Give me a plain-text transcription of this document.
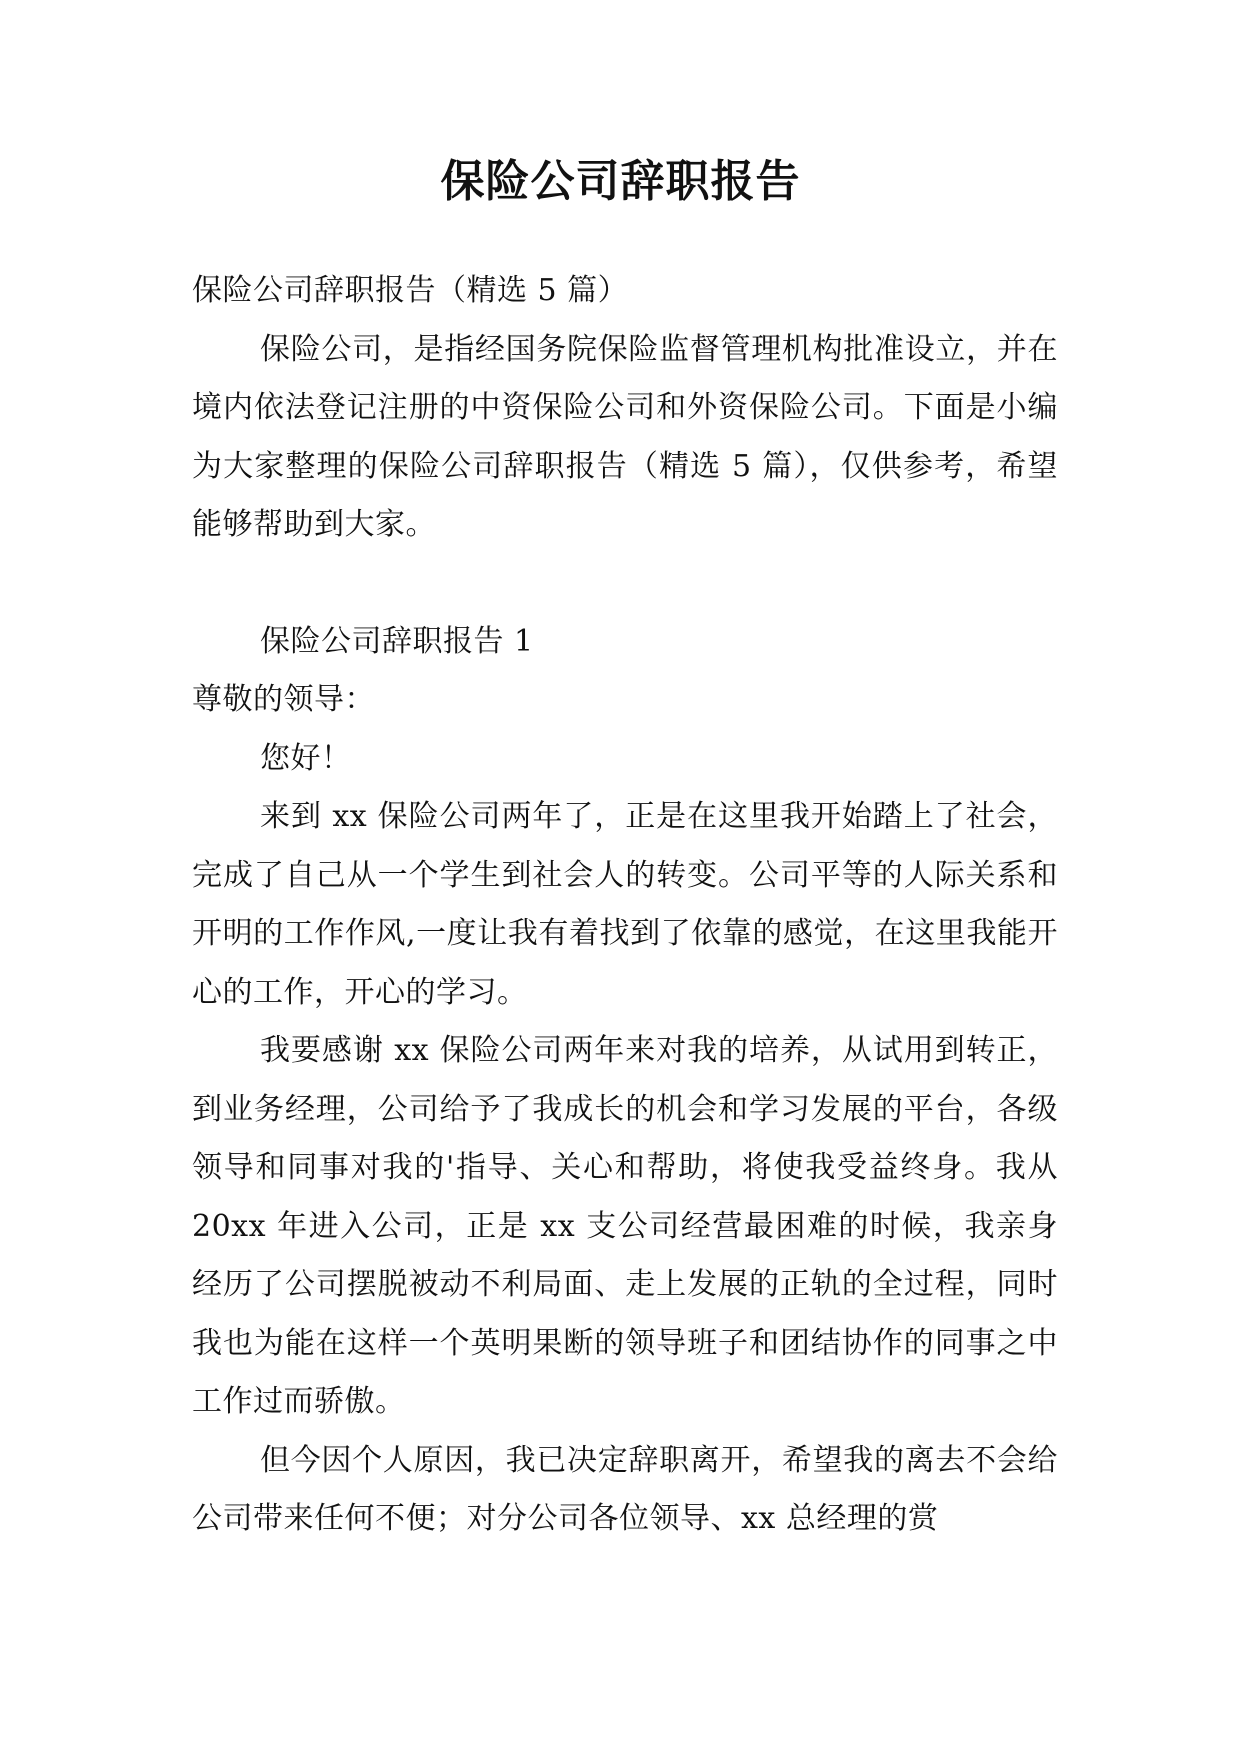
保险公司辞职报告

保险公司辞职报告（精选 5 篇）

保险公司，是指经国务院保险监督管理机构批准设立，并在境内依法登记注册的中资保险公司和外资保险公司。下面是小编为大家整理的保险公司辞职报告（精选 5 篇），仅供参考，希望能够帮助到大家。

保险公司辞职报告 1

尊敬的领导：

您好！

来到 xx 保险公司两年了，正是在这里我开始踏上了社会，完成了自己从一个学生到社会人的转变。公司平等的人际关系和开明的工作作风,一度让我有着找到了依靠的感觉，在这里我能开心的工作，开心的学习。

我要感谢 xx 保险公司两年来对我的培养，从试用到转正，到业务经理，公司给予了我成长的机会和学习发展的平台，各级领导和同事对我的'指导、关心和帮助，将使我受益终身。我从 20xx 年进入公司，正是 xx 支公司经营最困难的时候，我亲身经历了公司摆脱被动不利局面、走上发展的正轨的全过程，同时我也为能在这样一个英明果断的领导班子和团结协作的同事之中工作过而骄傲。

但今因个人原因，我已决定辞职离开，希望我的离去不会给公司带来任何不便；对分公司各位领导、xx 总经理的赏
